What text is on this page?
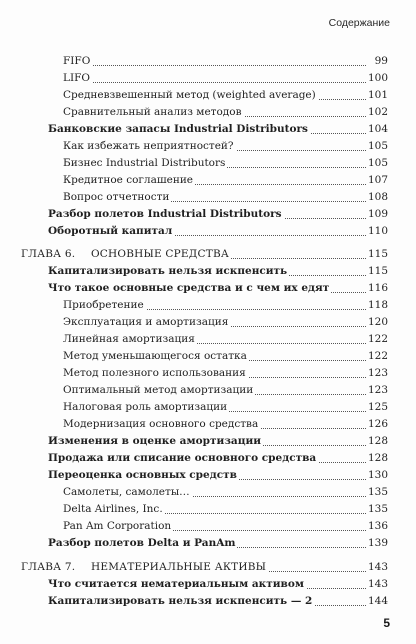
Содержание
FIFO	99
LIFO	100
Средневзвешенный метод (weighted average)	101
Сравнительный анализ методов	102
Банковские запасы Industrial Distributors	104
Как избежать неприятностей?	105
Бизнес Industrial Distributors	105
Кредитное соглашение	107
Вопрос отчетности	108
Разбор полетов Industrial Distributors	109
Оборотный капитал	110
ГЛАВА 6. ОСНОВНЫЕ СРЕДСТВА	115
Капитализировать нельзя искпенсить	115
Что такое основные средства и с чем их едят	116
Приобретение	118
Эксплуатация и амортизация	120
Линейная амортизация	122
Метод уменьшающегося остатка	122
Метод полезного использования	123
Оптимальный метод амортизации	123
Налоговая роль амортизации	125
Модернизация основного средства	126
Изменения в оценке амортизации	128
Продажа или списание основного средства	128
Переоценка основных средств	130
Самолеты, самолеты…	135
Delta Airlines, Inc.	135
Pan Am Corporation	136
Разбор полетов Delta и PanAm	139
ГЛАВА 7. НЕМАТЕРИАЛЬНЫЕ АКТИВЫ	143
Что считается нематериальным активом	143
Капитализировать нельзя искпенсить — 2	144
5
